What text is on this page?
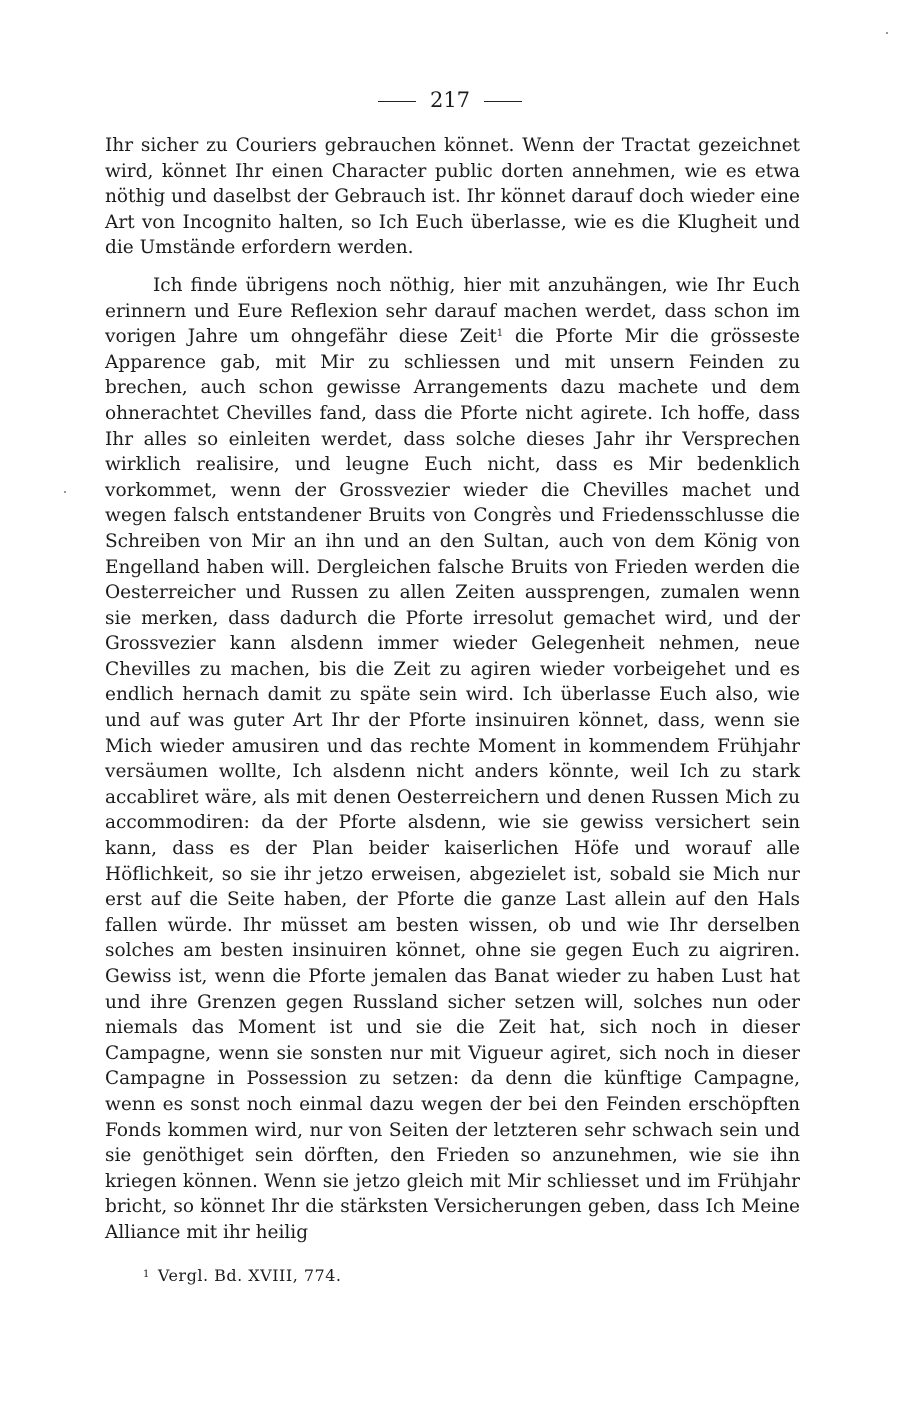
217

Ihr sicher zu Couriers gebrauchen könnet. Wenn der Tractat gezeichnet wird, könnet Ihr einen Character public dorten annehmen, wie es etwa nöthig und daselbst der Gebrauch ist. Ihr könnet darauf doch wieder eine Art von Incognito halten, so Ich Euch überlasse, wie es die Klugheit und die Umstände erfordern werden.

Ich finde übrigens noch nöthig, hier mit anzuhängen, wie Ihr Euch erinnern und Eure Reflexion sehr darauf machen werdet, dass schon im vorigen Jahre um ohngefähr diese Zeit$^1$ die Pforte Mir die grösseste Apparence gab, mit Mir zu schliessen und mit unsern Feinden zu brechen, auch schon gewisse Arrangements dazu machete und dem ohnerachtet Chevilles fand, dass die Pforte nicht agirete. Ich hoffe, dass Ihr alles so einleiten werdet, dass solche dieses Jahr ihr Versprechen wirklich realisire, und leugne Euch nicht, dass es Mir bedenklich vorkommet, wenn der Grossvezier wieder die Chevilles machet und wegen falsch entstandener Bruits von Congrès und Friedensschlusse die Schreiben von Mir an ihn und an den Sultan, auch von dem König von Engelland haben will. Dergleichen falsche Bruits von Frieden werden die Oesterreicher und Russen zu allen Zeiten aussprengen, zumalen wenn sie merken, dass dadurch die Pforte irresolut gemachet wird, und der Grossvezier kann alsdenn immer wieder Gelegenheit nehmen, neue Chevilles zu machen, bis die Zeit zu agiren wieder vorbeigehet und es endlich hernach damit zu späte sein wird. Ich überlasse Euch also, wie und auf was guter Art Ihr der Pforte insinuiren könnet, dass, wenn sie Mich wieder amusiren und das rechte Moment in kommendem Frühjahr versäumen wollte, Ich alsdenn nicht anders könnte, weil Ich zu stark accabliret wäre, als mit denen Oesterreichern und denen Russen Mich zu accommodiren: da der Pforte alsdenn, wie sie gewiss versichert sein kann, dass es der Plan beider kaiserlichen Höfe und worauf alle Höflichkeit, so sie ihr jetzo erweisen, abgezielet ist, sobald sie Mich nur erst auf die Seite haben, der Pforte die ganze Last allein auf den Hals fallen würde. Ihr müsset am besten wissen, ob und wie Ihr derselben solches am besten insinuiren könnet, ohne sie gegen Euch zu aigriren. Gewiss ist, wenn die Pforte jemalen das Banat wieder zu haben Lust hat und ihre Grenzen gegen Russland sicher setzen will, solches nun oder niemals das Moment ist und sie die Zeit hat, sich noch in dieser Campagne, wenn sie sonsten nur mit Vigueur agiret, sich noch in dieser Campagne in Possession zu setzen: da denn die künftige Campagne, wenn es sonst noch einmal dazu wegen der bei den Feinden erschöpften Fonds kommen wird, nur von Seiten der letzteren sehr schwach sein und sie genöthiget sein dörften, den Frieden so anzunehmen, wie sie ihn kriegen können. Wenn sie jetzo gleich mit Mir schliesset und im Frühjahr bricht, so könnet Ihr die stärksten Versicherungen geben, dass Ich Meine Alliance mit ihr heilig

$^1$ Vergl. Bd. XVIII, 774.
